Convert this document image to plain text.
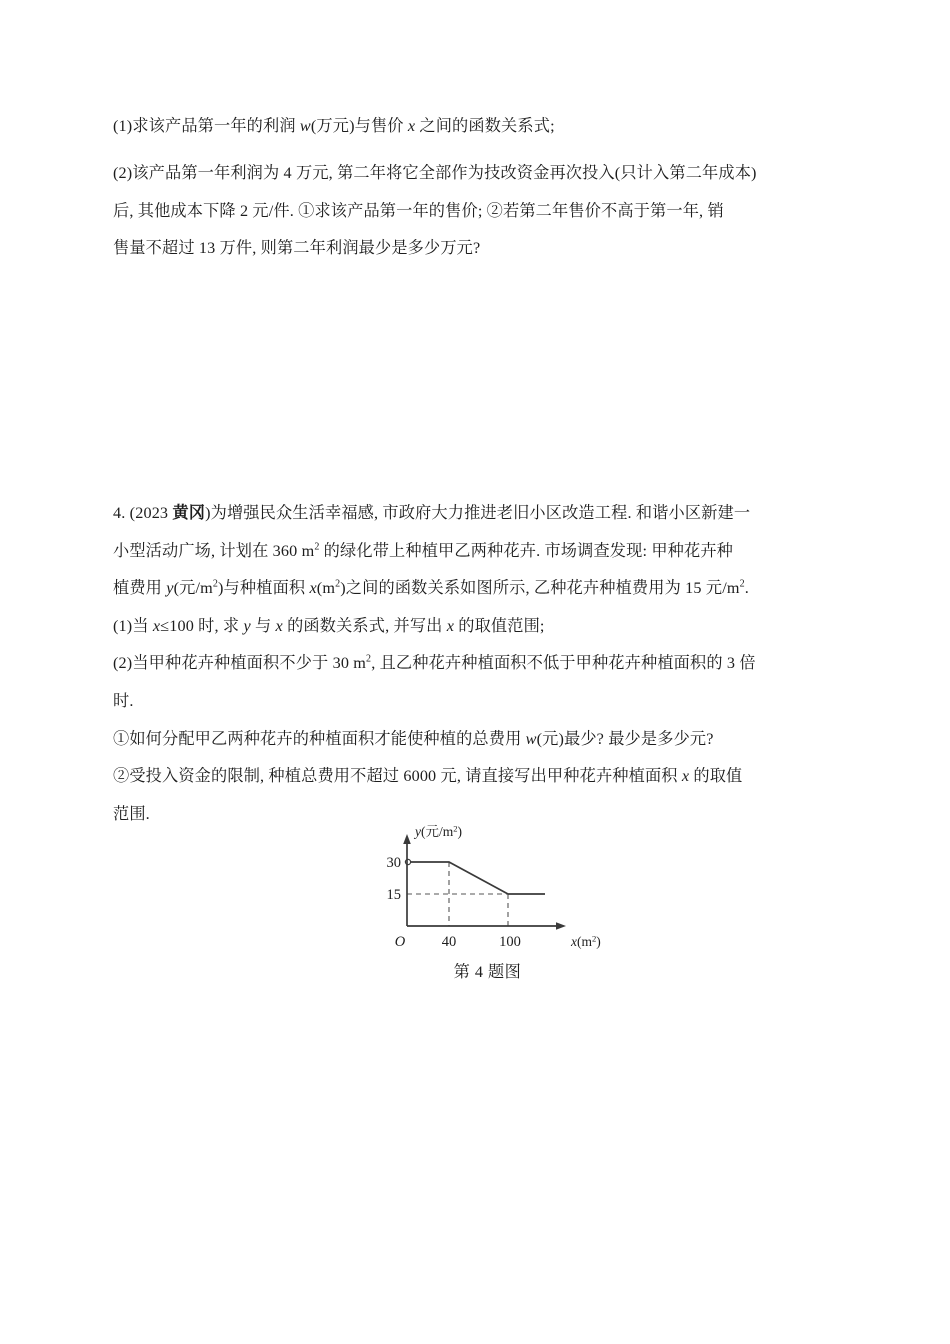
(1)求该产品第一年的利润 w(万元)与售价 x 之间的函数关系式;
(2)该产品第一年利润为 4 万元, 第二年将它全部作为技改资金再次投入(只计入第二年成本)
后, 其他成本下降 2 元/件. ①求该产品第一年的售价; ②若第二年售价不高于第一年, 销
售量不超过 13 万件, 则第二年利润最少是多少万元?
4. (2023 黄冈)为增强民众生活幸福感, 市政府大力推进老旧小区改造工程. 和谐小区新建一
小型活动广场, 计划在 360 $m^2$ 的绿化带上种植甲乙两种花卉. 市场调查发现: 甲种花卉种
植费用 y(元$/m^2$)与种植面积 $x(m^2)$之间的函数关系如图所示, 乙种花卉种植费用为 15 元$/m^2$.
(1)当 x≤100 时, 求 y 与 x 的函数关系式, 并写出 x 的取值范围;
(2)当甲种花卉种植面积不少于 30 $m^2$, 且乙种花卉种植面积不低于甲种花卉种植面积的 3 倍
时.
①如何分配甲乙两种花卉的种植面积才能使种植的总费用 w(元)最少? 最少是多少元?
②受投入资金的限制, 种植总费用不超过 6000 元, 请直接写出甲种花卉种植面积 x 的取值
范围.
y(元$/m^2$)
$x(m^2)$
30
15
40	100
O
第 4 题图
